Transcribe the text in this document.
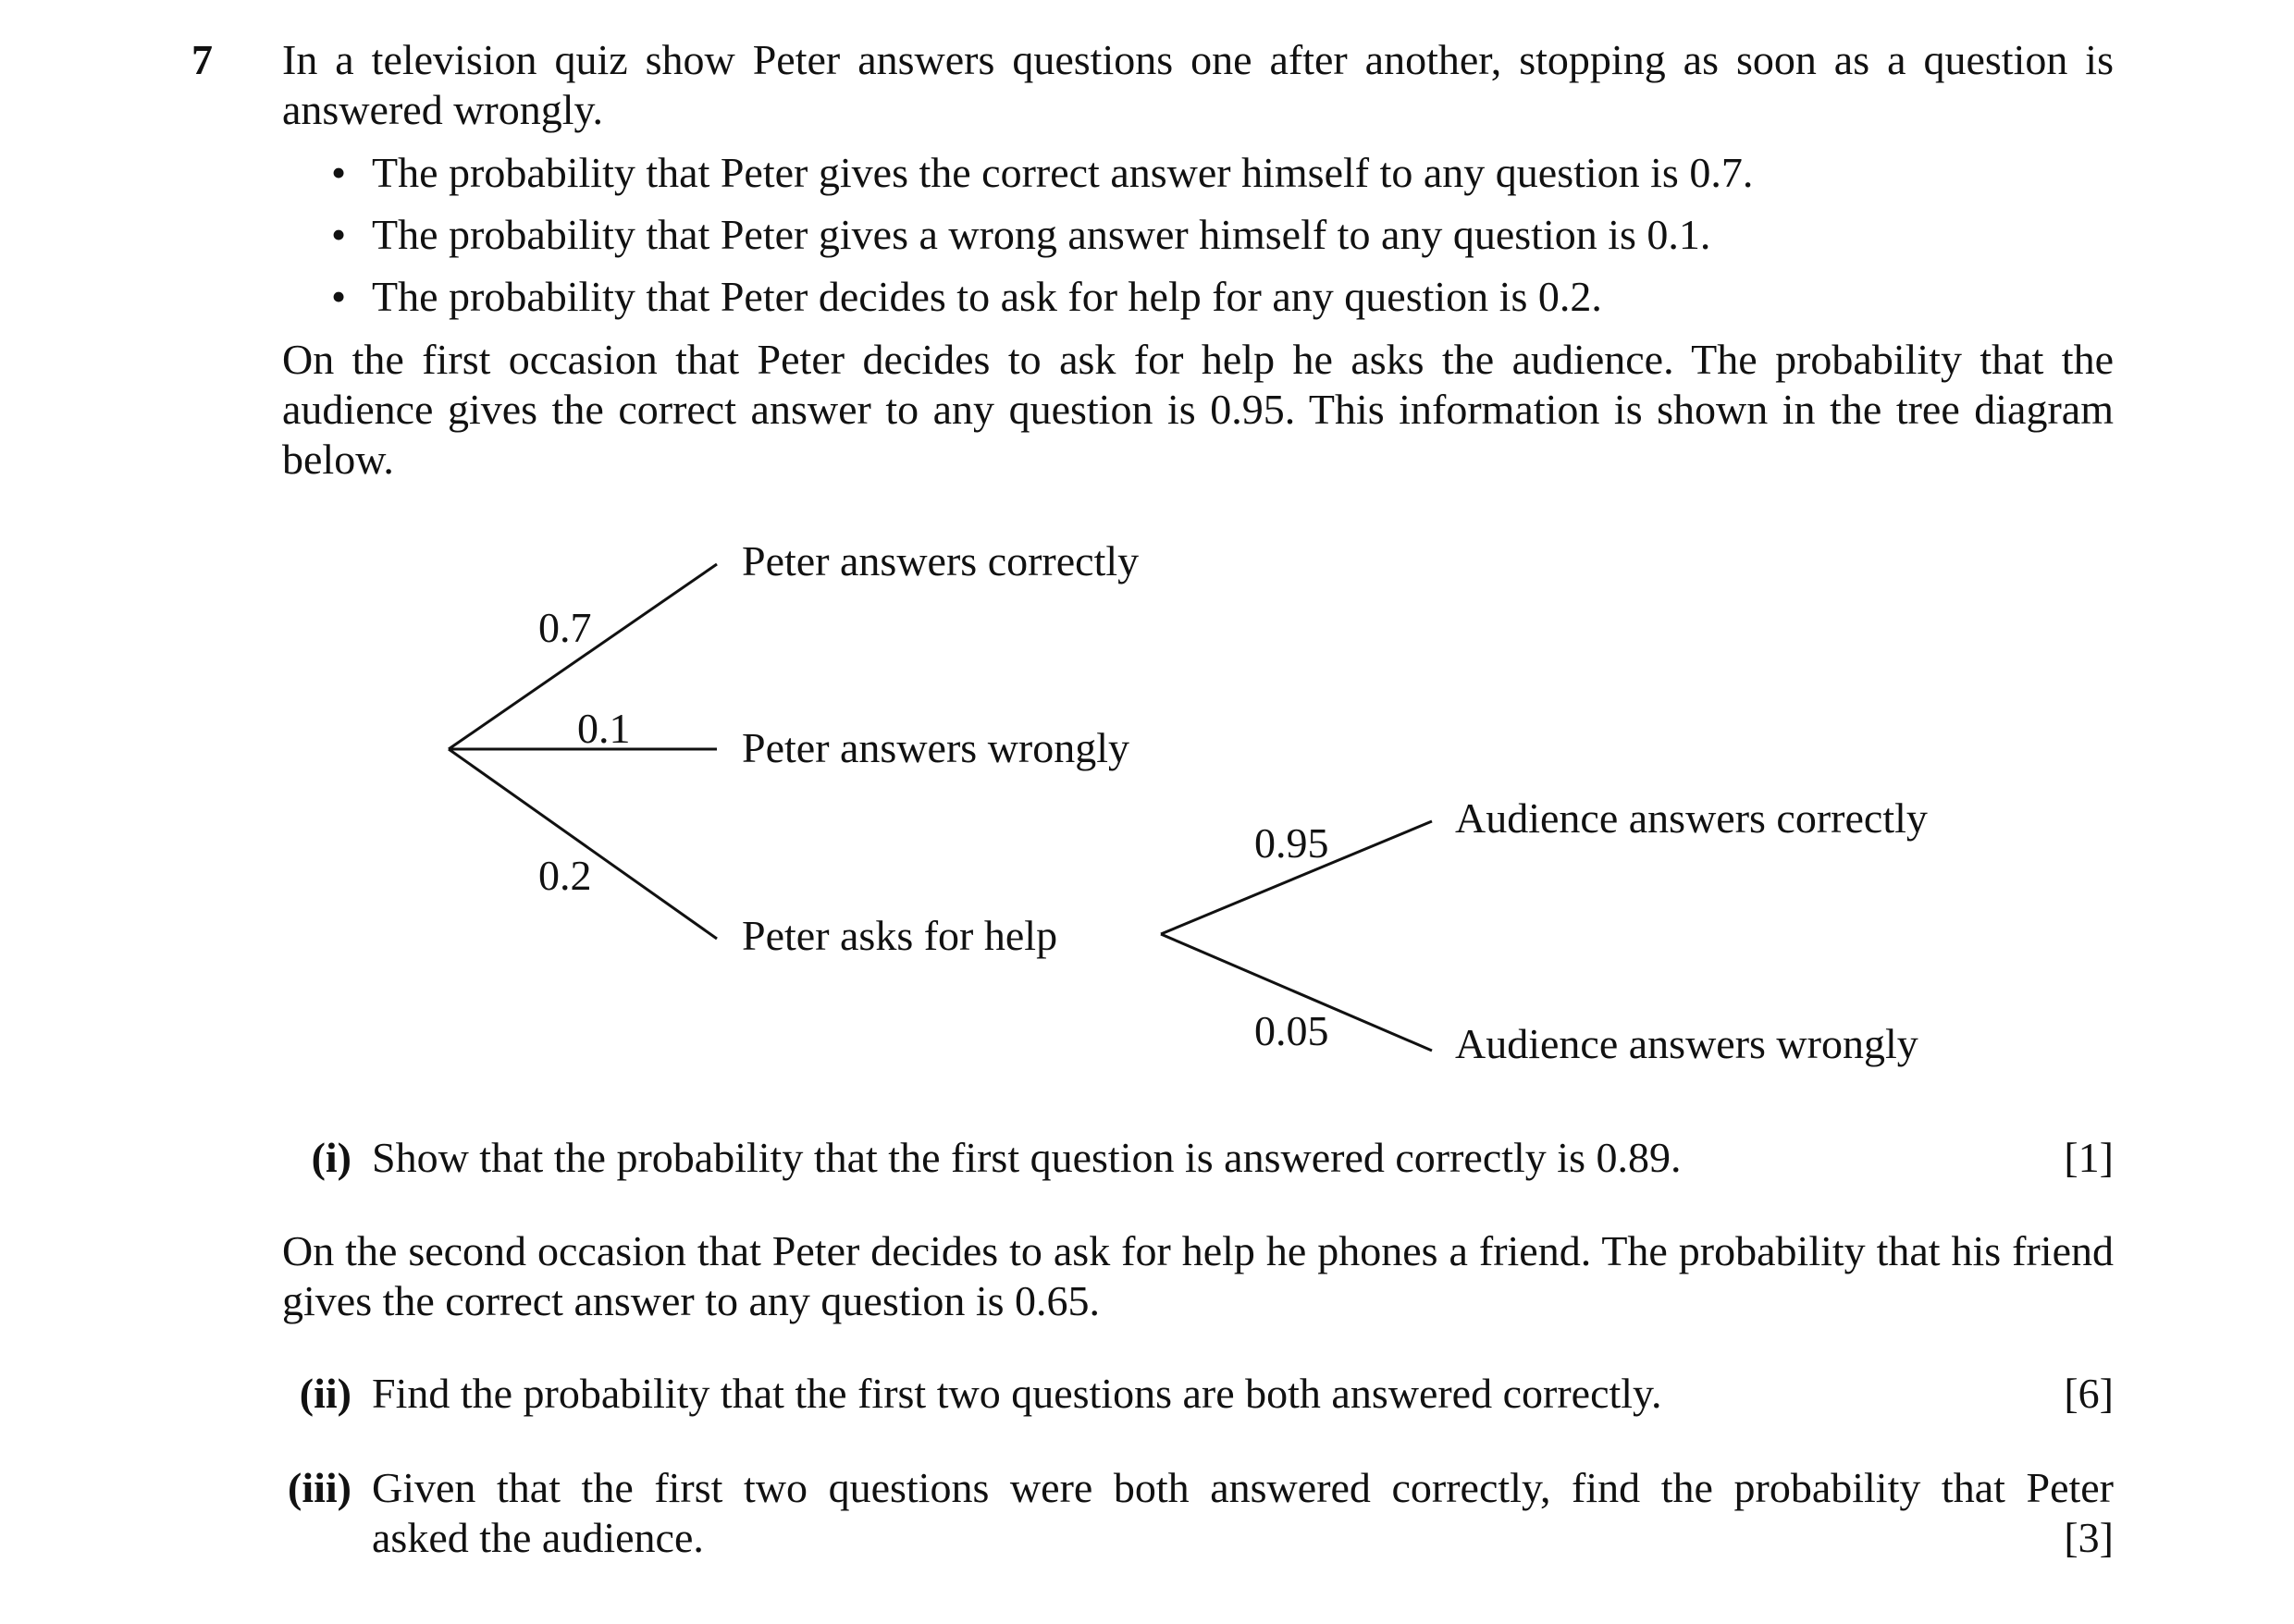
7 In a television quiz show Peter answers questions one after another, stopping as soon as a question is answered wrongly.
• The probability that Peter gives the correct answer himself to any question is 0.7.
• The probability that Peter gives a wrong answer himself to any question is 0.1.
• The probability that Peter decides to ask for help for any question is 0.2.
On the first occasion that Peter decides to ask for help he asks the audience. The probability that the audience gives the correct answer to any question is 0.95. This information is shown in the tree diagram below.
0.7
0.1
0.2
Peter answers correctly
Peter answers wrongly
Peter asks for help
0.95
0.05
Audience answers correctly
Audience answers wrongly
(i) Show that the probability that the first question is answered correctly is 0.89.	[1]
On the second occasion that Peter decides to ask for help he phones a friend. The probability that his friend gives the correct answer to any question is 0.65.
(ii) Find the probability that the first two questions are both answered correctly.	[6]
(iii) Given that the first two questions were both answered correctly, find the probability that Peter
asked the audience.	[3]
